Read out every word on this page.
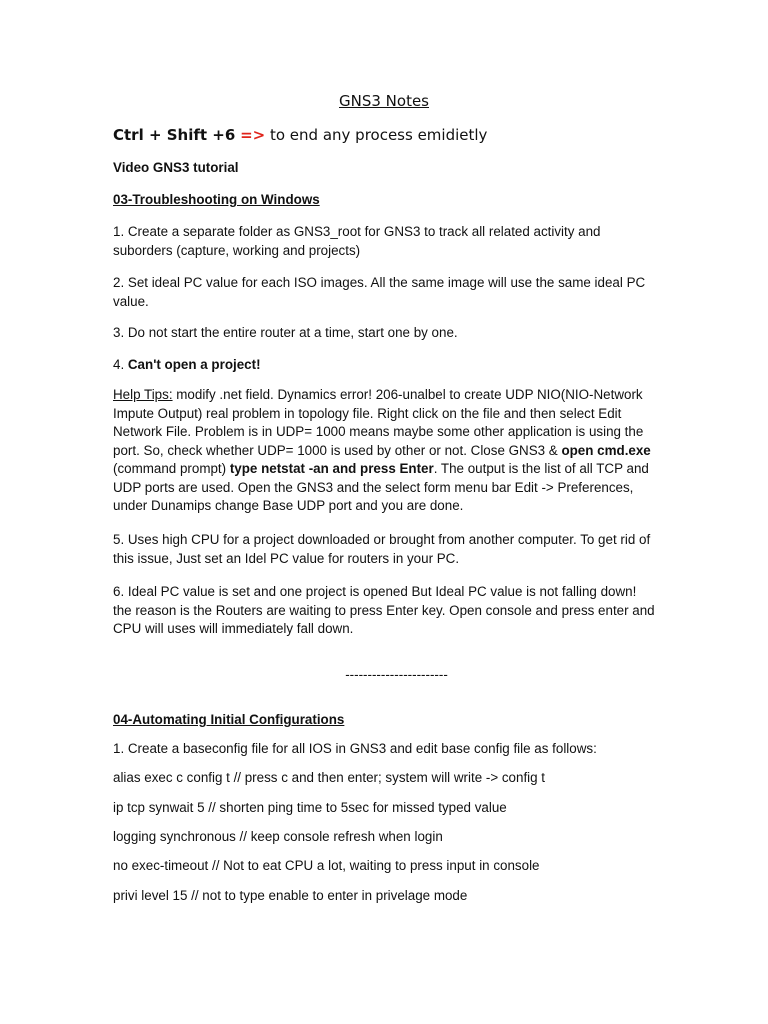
GNS3 Notes

Ctrl + Shift +6 => to end any process emidietly

Video GNS3 tutorial

03-Troubleshooting on Windows

1. Create a separate folder as GNS3_root for GNS3 to track all related activity and suborders (capture, working and projects)

2. Set ideal PC value for each ISO images. All the same image will use the same ideal PC value.

3. Do not start the entire router at a time, start one by one.

4. Can't open a project!

Help Tips: modify .net field. Dynamics error! 206-unalbel to create UDP NIO(NIO-Network Impute Output) real problem in topology file. Right click on the file and then select Edit Network File. Problem is in UDP= 1000 means maybe some other application is using the port. So, check whether UDP= 1000 is used by other or not. Close GNS3 & open cmd.exe (command prompt) type netstat -an and press Enter. The output is the list of all TCP and UDP ports are used. Open the GNS3 and the select form menu bar Edit -> Preferences, under Dunamips change Base UDP port and you are done.

5. Uses high CPU for a project downloaded or brought from another computer. To get rid of this issue, Just set an Idel PC value for routers in your PC.

6. Ideal PC value is set and one project is opened But Ideal PC value is not falling down! the reason is the Routers are waiting to press Enter key. Open console and press enter and CPU will uses will immediately fall down.

-----------------------

04-Automating Initial Configurations

1. Create a baseconfig file for all IOS in GNS3 and edit base config file as follows:

alias exec c config t // press c and then enter; system will write -> config t

ip tcp synwait 5 // shorten ping time to 5sec for missed typed value

logging synchronous // keep console refresh when login

no exec-timeout // Not to eat CPU a lot, waiting to press input in console

privi level 15 // not to type enable to enter in privelage mode
